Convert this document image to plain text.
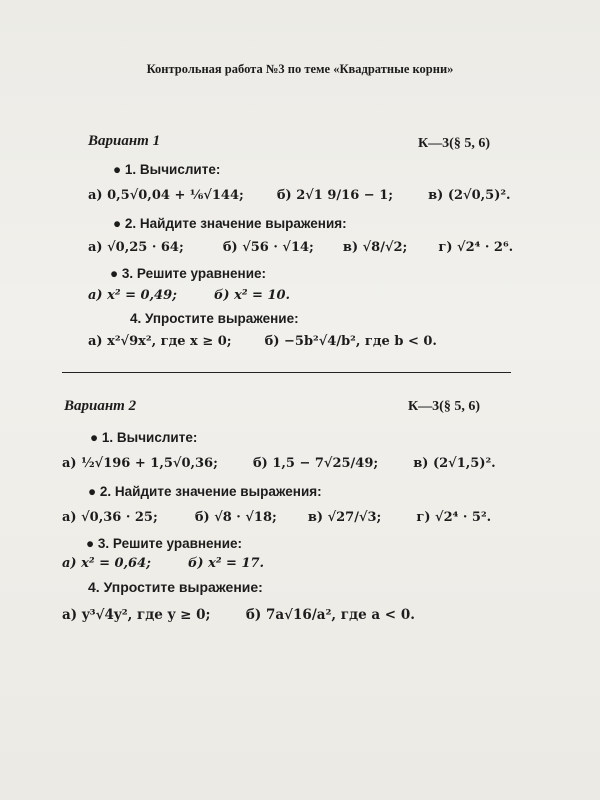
Контрольная работа №3 по теме «Квадратные корни»
Вариант 1	К—3(§ 5, 6)
● 1. Вычислите:
а) 0,5√0,04 + ⅙√144;	б) 2√1 9/16 − 1;	в) (2√0,5)².
● 2. Найдите значение выражения:
а) √0,25 · 64;	б) √56 · √14; в) √8/√2; г) √2⁴ · 2⁶.
● 3. Решите уравнение:
а) x² = 0,49;	б) x² = 10.
4. Упростите выражение:
а) x²√9x², где x ≥ 0;	б) −5b²√4/b², где b < 0.
Вариант 2	К—3(§ 5, 6)
● 1. Вычислите:
а) ½√196 + 1,5√0,36;	б) 1,5 − 7√25/49;	в) (2√1,5)².
● 2. Найдите значение выражения:
а) √0,36 · 25;	б) √8 · √18; в) √27/√3;	г) √2⁴ · 5².
● 3. Решите уравнение:
а) x² = 0,64;	б) x² = 17.
4. Упростите выражение:
а) y³√4y², где y ≥ 0;	б) 7a√16/a², где a < 0.
